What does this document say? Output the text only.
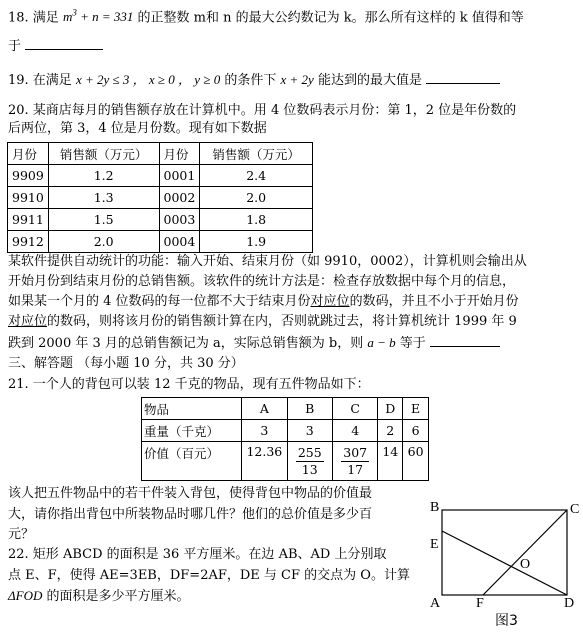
18. 满足 $m^3 + n = 331$ 的正整数 m和 n 的最大公约数记为 k。那么所有这样的 k 值得和等
于
19. 在满足 x + 2y ≤ 3 ， x ≥ 0 ， y ≥ 0 的条件下 x + 2y 能达到的最大值是
20. 某商店每月的销售额存放在计算机中。用 4 位数码表示月份：第 1，2 位是年份数的
后两位，第 3，4 位是月份数。现有如下数据
月份	销售额（万元）	月份	销售额（万元）
9909	1.2	0001	2.4
9910	1.3	0002	2.0
9911	1.5	0003	1.8
9912	2.0	0004	1.9
某软件提供自动统计的功能：输入开始、结束月份（如 9910，0002），计算机则会输出从
开始月份到结束月份的总销售额。该软件的统计方法是：检查存放数据中每个月的信息，
如果某一个月的 4 位数码的每一位都不大于结束月份对应位的数码，并且不小于开始月份
对应位的数码，则将该月份的销售额计算在内，否则就跳过去，将计算机统计 1999 年 9
跌到 2000 年 3 月的总销售额记为 a，实际总销售额为 b，则 a − b 等于
三、解答题 （每小题 10 分，共 30 分）
21. 一个人的背包可以装 12 千克的物品，现有五件物品如下：
物品	A	B	C	D	E
重量（千克）	3	3	4	2	6
价值（百元）	12.36	$\frac{255}{13}$	$\frac{307}{17}$	14	60
该人把五件物品中的若干件装入背包，使得背包中物品的价值最
大，请你指出背包中所装物品时哪几件？他们的总价值是多少百
元？
22. 矩形 ABCD 的面积是 36 平方厘米。在边 AB、AD 上分别取
点 E、F，使得 AE=3EB，DF=2AF，DE 与 CF 的交点为 O。计算
ΔFOD 的面积是多少平方厘米。
B	C
E
O
A	F	D
图3
